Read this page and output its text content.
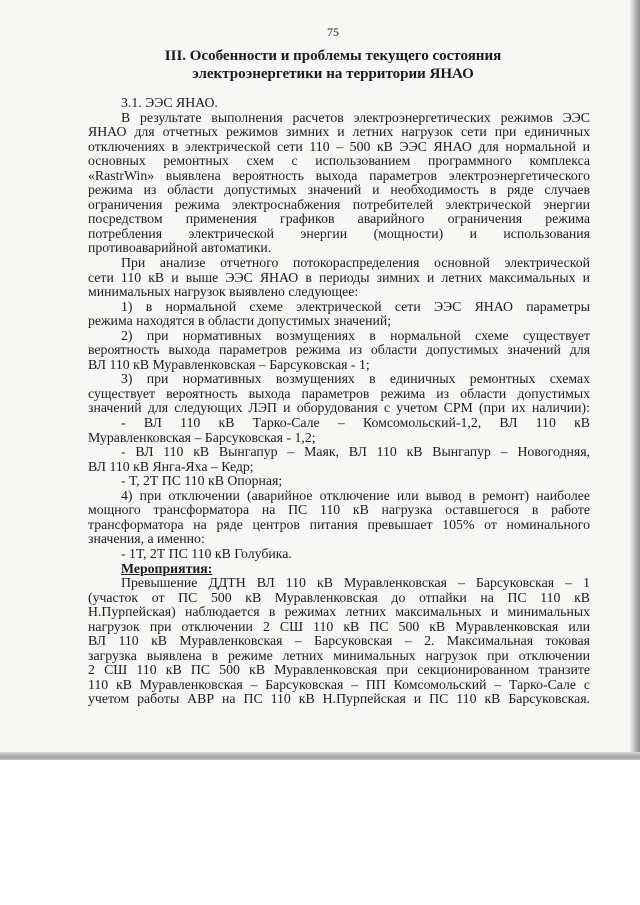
75
III. Особенности и проблемы текущего состояния
электроэнергетики на территории ЯНАО
3.1. ЭЭС ЯНАО.
В результате выполнения расчетов электроэнергетических режимов ЭЭС
ЯНАО для отчетных режимов зимних и летних нагрузок сети при единичных
отключениях в электрической сети 110 – 500 кВ ЭЭС ЯНАО для нормальной и
основных ремонтных схем с использованием программного комплекса
«RastrWin» выявлена вероятность выхода параметров электроэнергетического
режима из области допустимых значений и необходимость в ряде случаев
ограничения режима электроснабжения потребителей электрической энергии
посредством применения графиков аварийного ограничения режима
потребления электрической энергии (мощности) и использования
противоаварийной автоматики.
При анализе отчетного потокораспределения основной электрической
сети 110 кВ и выше ЭЭС ЯНАО в периоды зимних и летних максимальных и
минимальных нагрузок выявлено следующее:
1) в нормальной схеме электрической сети ЭЭС ЯНАО параметры
режима находятся в области допустимых значений;
2) при нормативных возмущениях в нормальной схеме существует
вероятность выхода параметров режима из области допустимых значений для
ВЛ 110 кВ Муравленковская – Барсуковская - 1;
3) при нормативных возмущениях в единичных ремонтных схемах
существует вероятность выхода параметров режима из области допустимых
значений для следующих ЛЭП и оборудования с учетом СРМ (при их наличии):
- ВЛ 110 кВ Тарко-Сале – Комсомольский-1,2, ВЛ 110 кВ
Муравленковская – Барсуковская - 1,2;
- ВЛ 110 кВ Вынгапур – Маяк, ВЛ 110 кВ Вынгапур – Новогодняя,
ВЛ 110 кВ Янга-Яха – Кедр;
- Т, 2Т ПС 110 кВ Опорная;
4) при отключении (аварийное отключение или вывод в ремонт) наиболее
мощного трансформатора на ПС 110 кВ нагрузка оставшегося в работе
трансформатора на ряде центров питания превышает 105% от номинального
значения, а именно:
- 1Т, 2Т ПС 110 кВ Голубика.
Мероприятия:
Превышение ДДТН ВЛ 110 кВ Муравленковская – Барсуковская – 1
(участок от ПС 500 кВ Муравленковская до отпайки на ПС 110 кВ
Н.Пурпейская) наблюдается в режимах летних максимальных и минимальных
нагрузок при отключении 2 СШ 110 кВ ПС 500 кВ Муравленковская или
ВЛ 110 кВ Муравленковская – Барсуковская – 2. Максимальная токовая
загрузка выявлена в режиме летних минимальных нагрузок при отключении
2 СШ 110 кВ ПС 500 кВ Муравленковская при секционированном транзите
110 кВ Муравленковская – Барсуковская – ПП Комсомольский – Тарко-Сале с
учетом работы АВР на ПС 110 кВ Н.Пурпейская и ПС 110 кВ Барсуковская.
